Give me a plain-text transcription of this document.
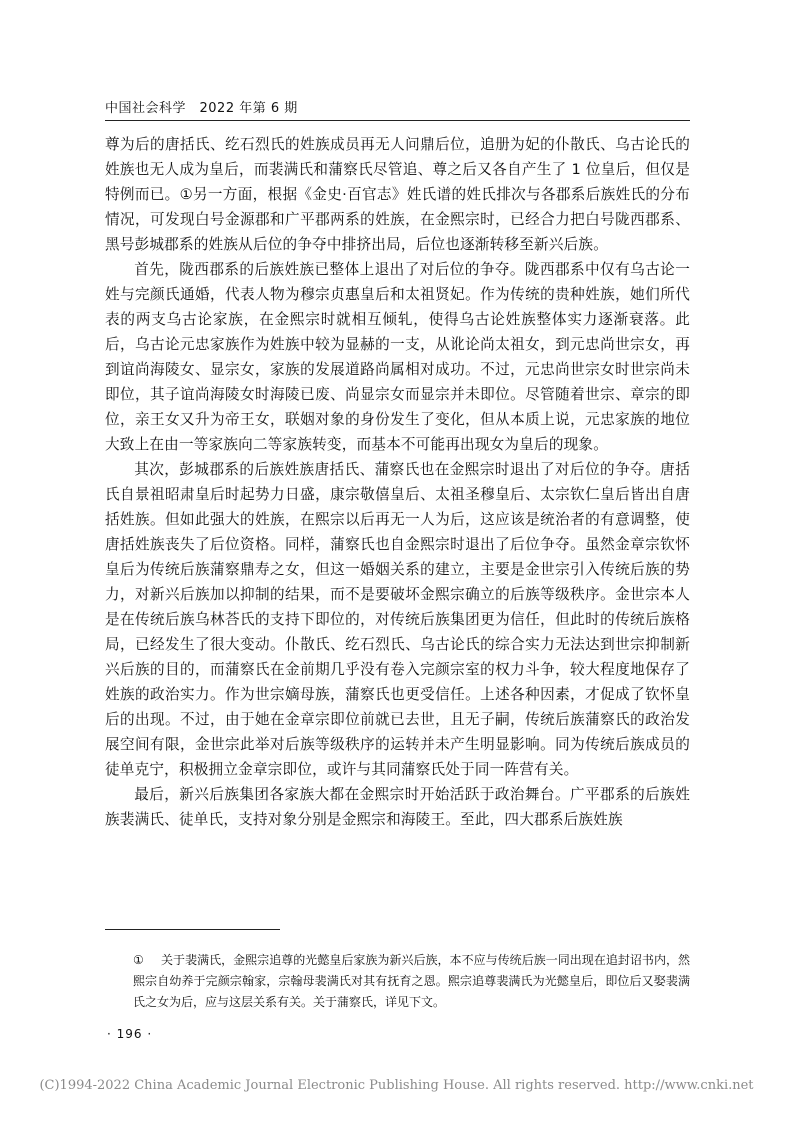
中国社会科学　2022 年第 6 期

尊为后的唐括氏、纥石烈氏的姓族成员再无人问鼎后位，追册为妃的仆散氏、乌古论氏的姓族也无人成为皇后，而裴满氏和蒲察氏尽管追、尊之后又各自产生了 1 位皇后，但仅是特例而已。①另一方面，根据《金史·百官志》姓氏谱的姓氏排次与各郡系后族姓氏的分布情况，可发现白号金源郡和广平郡两系的姓族，在金熙宗时，已经合力把白号陇西郡系、黑号彭城郡系的姓族从后位的争夺中排挤出局，后位也逐渐转移至新兴后族。

首先，陇西郡系的后族姓族已整体上退出了对后位的争夺。陇西郡系中仅有乌古论一姓与完颜氏通婚，代表人物为穆宗贞惠皇后和太祖贤妃。作为传统的贵种姓族，她们所代表的两支乌古论家族，在金熙宗时就相互倾轧，使得乌古论姓族整体实力逐渐衰落。此后，乌古论元忠家族作为姓族中较为显赫的一支，从讹论尚太祖女，到元忠尚世宗女，再到谊尚海陵女、显宗女，家族的发展道路尚属相对成功。不过，元忠尚世宗女时世宗尚未即位，其子谊尚海陵女时海陵已废、尚显宗女而显宗并未即位。尽管随着世宗、章宗的即位，亲王女又升为帝王女，联姻对象的身份发生了变化，但从本质上说，元忠家族的地位大致上在由一等家族向二等家族转变，而基本不可能再出现女为皇后的现象。

其次，彭城郡系的后族姓族唐括氏、蒲察氏也在金熙宗时退出了对后位的争夺。唐括氏自景祖昭肃皇后时起势力日盛，康宗敬僖皇后、太祖圣穆皇后、太宗钦仁皇后皆出自唐括姓族。但如此强大的姓族，在熙宗以后再无一人为后，这应该是统治者的有意调整，使唐括姓族丧失了后位资格。同样，蒲察氏也自金熙宗时退出了后位争夺。虽然金章宗钦怀皇后为传统后族蒲察鼎寿之女，但这一婚姻关系的建立，主要是金世宗引入传统后族的势力，对新兴后族加以抑制的结果，而不是要破坏金熙宗确立的后族等级秩序。金世宗本人是在传统后族乌林荅氏的支持下即位的，对传统后族集团更为信任，但此时的传统后族格局，已经发生了很大变动。仆散氏、纥石烈氏、乌古论氏的综合实力无法达到世宗抑制新兴后族的目的，而蒲察氏在金前期几乎没有卷入完颜宗室的权力斗争，较大程度地保存了姓族的政治实力。作为世宗嫡母族，蒲察氏也更受信任。上述各种因素，才促成了钦怀皇后的出现。不过，由于她在金章宗即位前就已去世，且无子嗣，传统后族蒲察氏的政治发展空间有限，金世宗此举对后族等级秩序的运转并未产生明显影响。同为传统后族成员的徒单克宁，积极拥立金章宗即位，或许与其同蒲察氏处于同一阵营有关。

最后，新兴后族集团各家族大都在金熙宗时开始活跃于政治舞台。广平郡系的后族姓族裴满氏、徒单氏，支持对象分别是金熙宗和海陵王。至此，四大郡系后族姓族

① 关于裴满氏，金熙宗追尊的光懿皇后家族为新兴后族，本不应与传统后族一同出现在追封诏书内，然熙宗自幼养于完颜宗翰家，宗翰母裴满氏对其有抚育之恩。熙宗追尊裴满氏为光懿皇后，即位后又娶裴满氏之女为后，应与这层关系有关。关于蒲察氏，详见下文。

· 196 ·
(C)1994-2022 China Academic Journal Electronic Publishing House. All rights reserved. http://www.cnki.net
